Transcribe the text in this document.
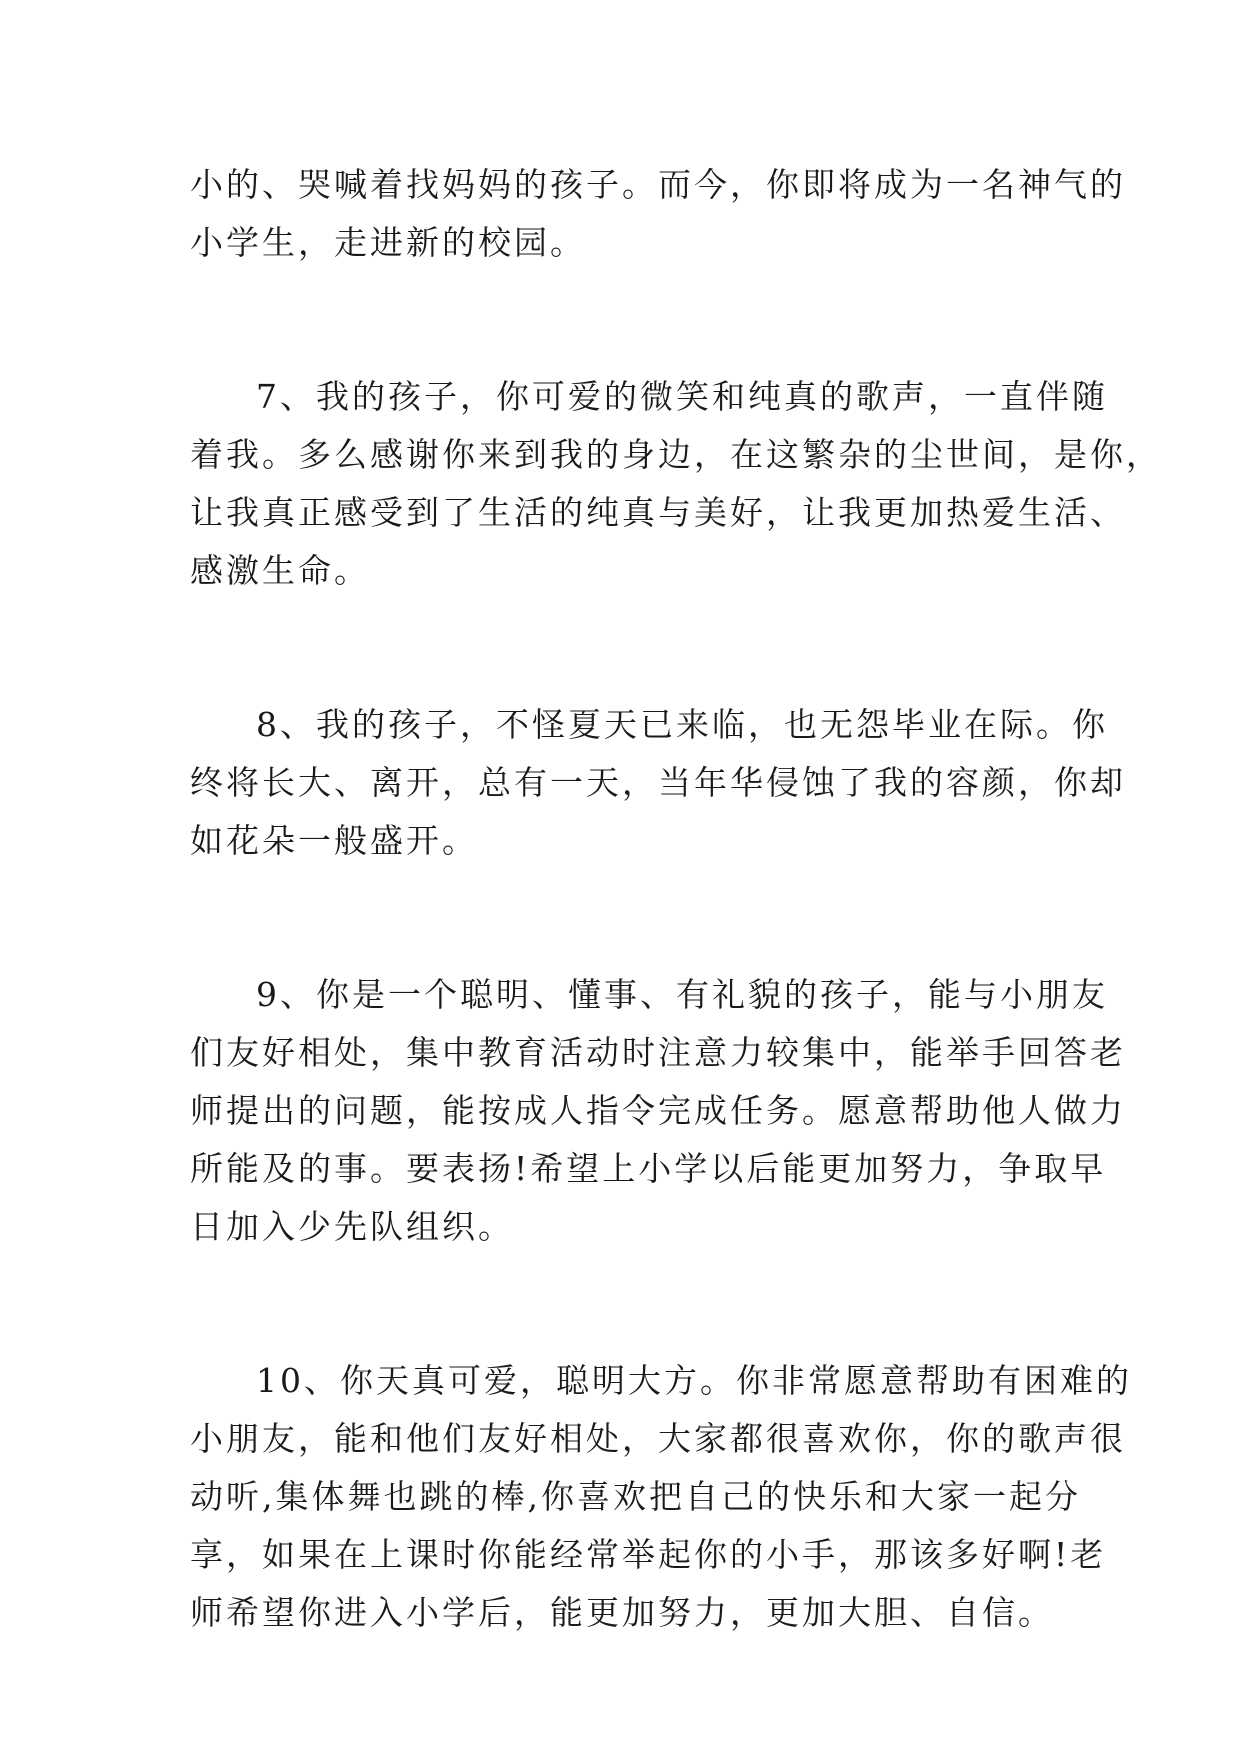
小的、哭喊着找妈妈的孩子。而今，你即将成为一名神气的
小学生，走进新的校园。

7、我的孩子，你可爱的微笑和纯真的歌声，一直伴随
着我。多么感谢你来到我的身边，在这繁杂的尘世间，是你，
让我真正感受到了生活的纯真与美好，让我更加热爱生活、
感激生命。

8、我的孩子，不怪夏天已来临，也无怨毕业在际。你
终将长大、离开，总有一天，当年华侵蚀了我的容颜，你却
如花朵一般盛开。

9、你是一个聪明、懂事、有礼貌的孩子，能与小朋友
们友好相处，集中教育活动时注意力较集中，能举手回答老
师提出的问题，能按成人指令完成任务。愿意帮助他人做力
所能及的事。要表扬!希望上小学以后能更加努力，争取早
日加入少先队组织。

10、你天真可爱，聪明大方。你非常愿意帮助有困难的
小朋友，能和他们友好相处，大家都很喜欢你，你的歌声很
动听,集体舞也跳的棒,你喜欢把自己的快乐和大家一起分
享，如果在上课时你能经常举起你的小手，那该多好啊!老
师希望你进入小学后，能更加努力，更加大胆、自信。
